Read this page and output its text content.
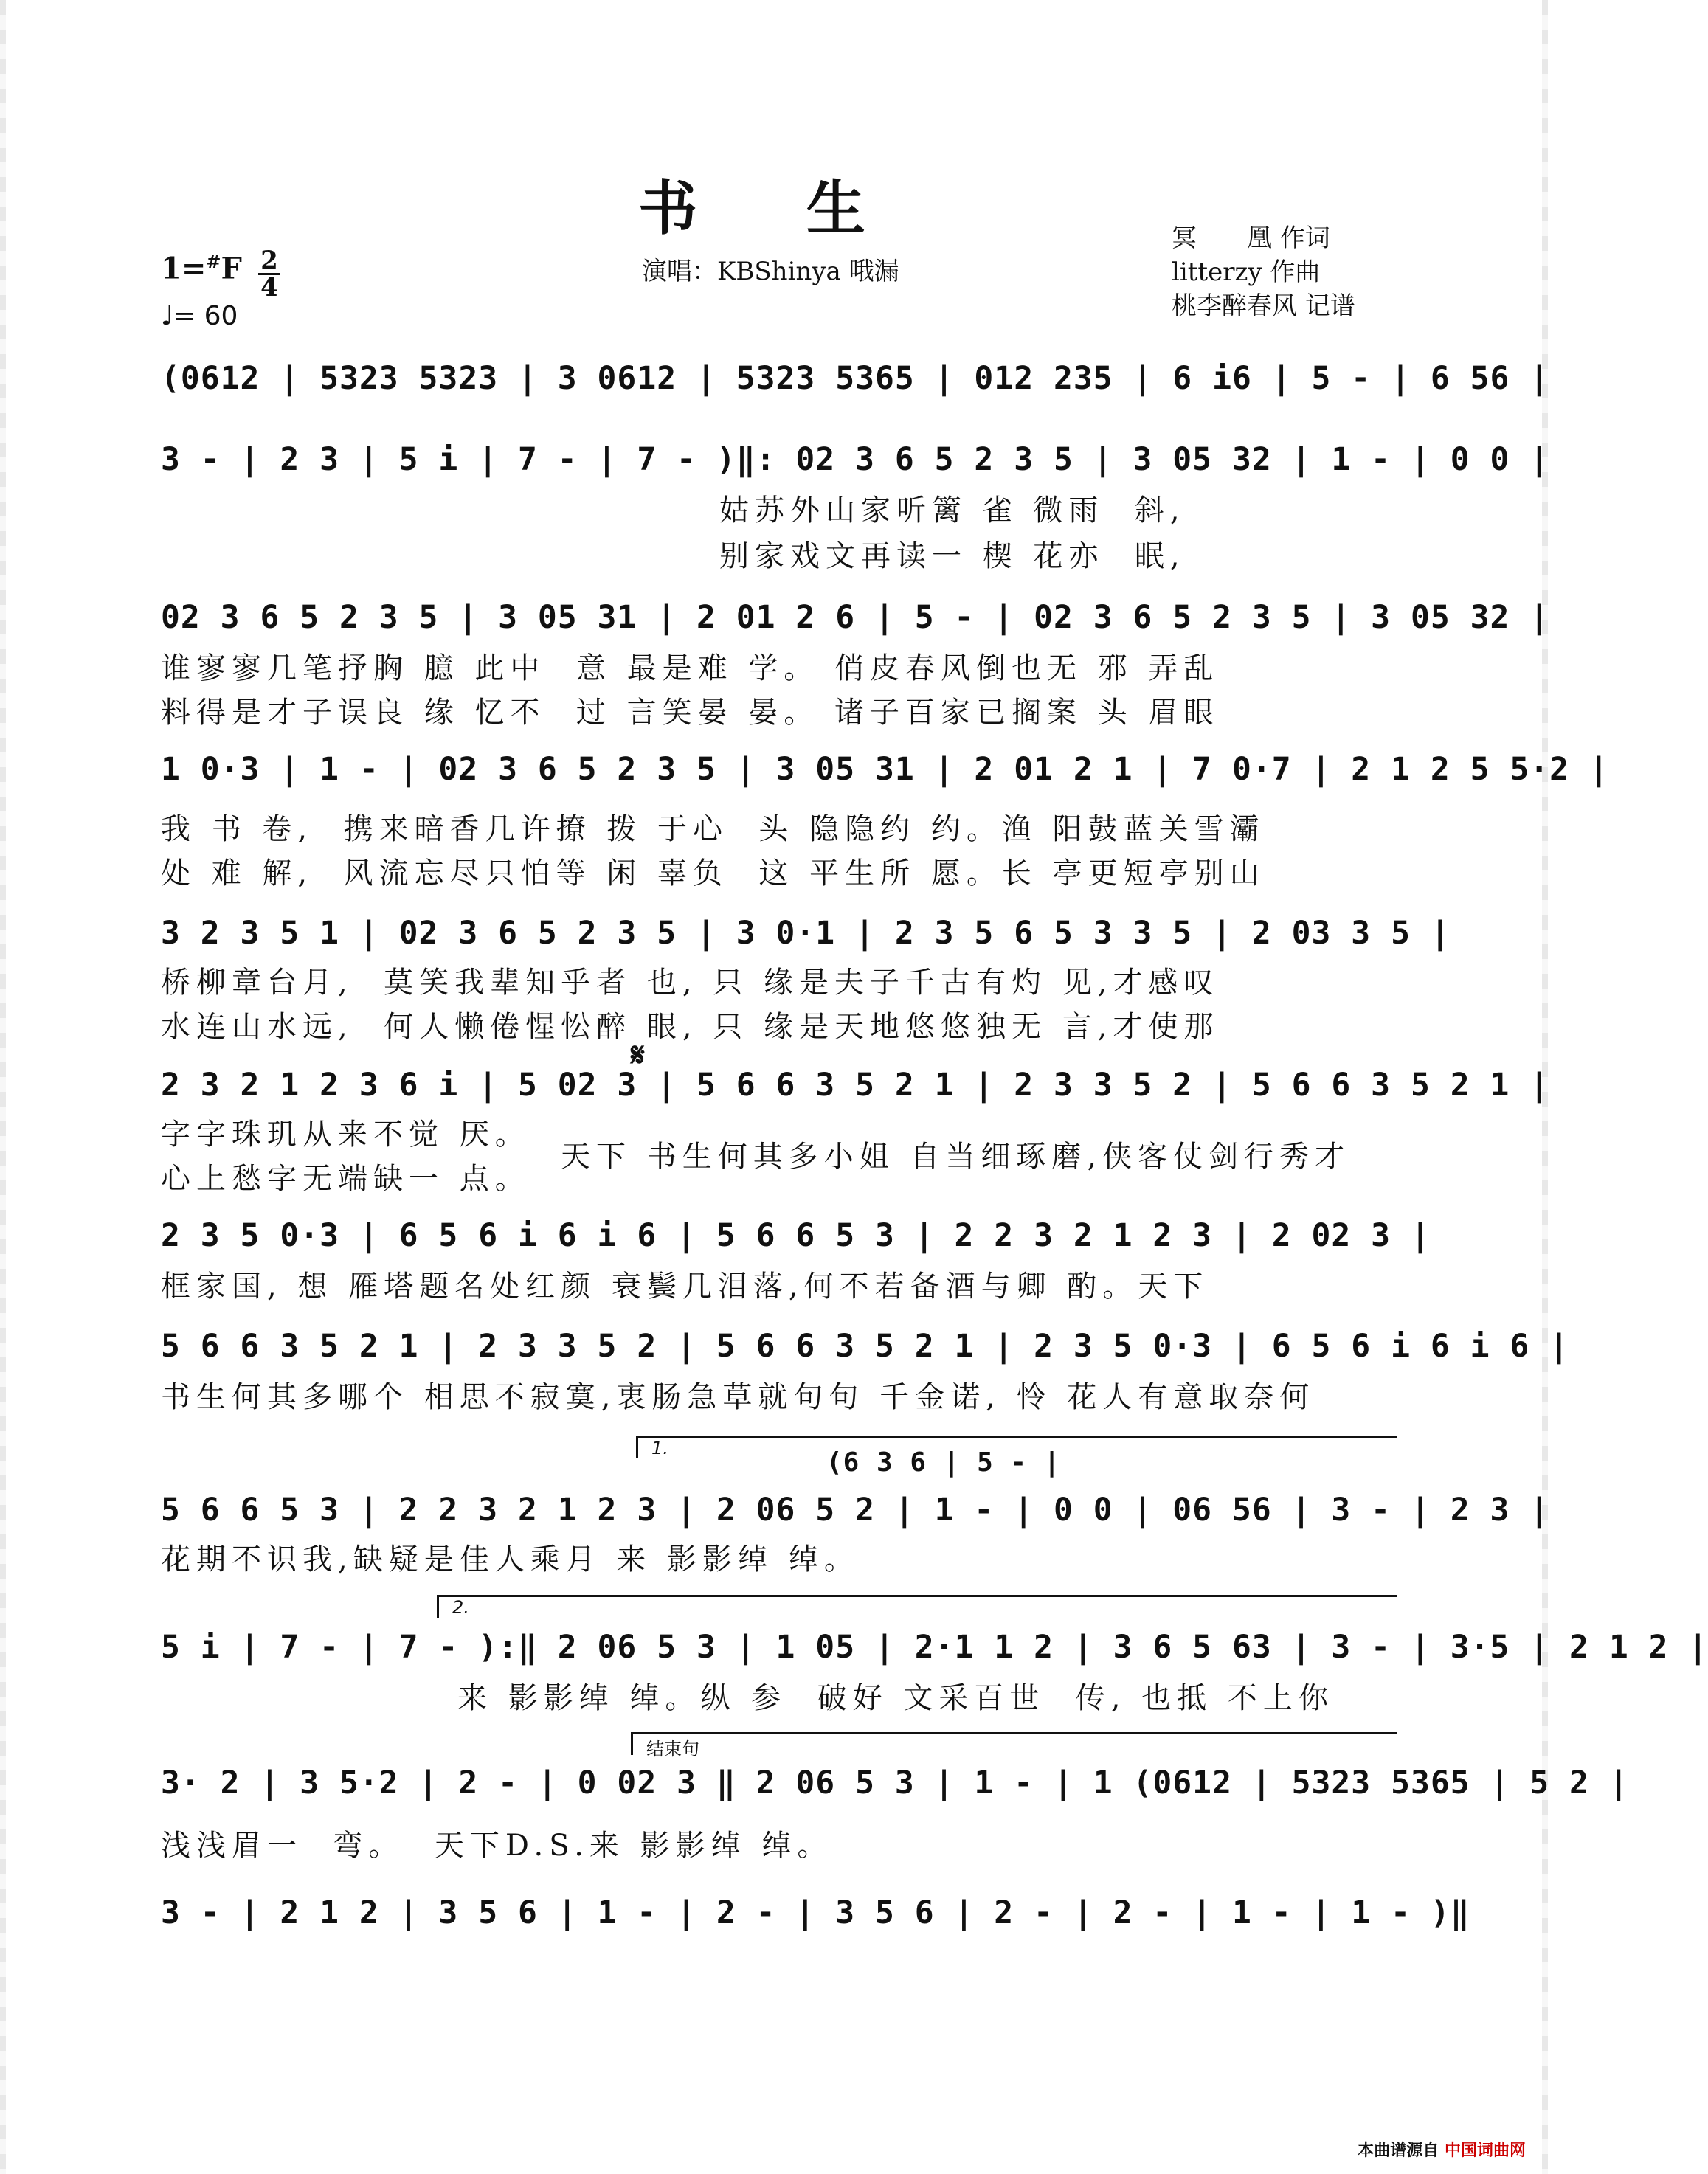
书 生
演唱：KBShinya 哦漏
冥　　凰 作词
litterzy 作曲
桃李醉春风 记谱
1=#F 2
4
♩= 60
(0612 | 5323 5323 | 3 0612 | 5323 5365 | 012 235 | 6 i6 | 5 - | 6 56 |
3 - | 2 3 | 5 i | 7 - | 7 - )‖: 02 3 6 5 2 3 5 | 3 05 32 | 1 - | 0 0 |
姑苏外山家听篱 雀 微雨  斜,
别家戏文再读一 楔 花亦  眠,
02 3 6 5 2 3 5 | 3 05 31 | 2 01 2 6 | 5 - | 02 3 6 5 2 3 5 | 3 05 32 |
谁寥寥几笔抒胸 臆 此中  意 最是难 学。 俏皮春风倒也无 邪 弄乱
料得是才子误良 缘 忆不  过 言笑晏 晏。 诸子百家已搁案 头 眉眼
1 0·3 | 1 - | 02 3 6 5 2 3 5 | 3 05 31 | 2 01 2 1 | 7 0·7 | 2 1 2 5 5·2 |
我 书 卷,  携来暗香几许撩 拨 于心  头 隐隐约 约。渔 阳鼓蓝关雪灞
处 难 解,  风流忘尽只怕等 闲 辜负  这 平生所 愿。长 亭更短亭别山
3 2 3 5 1 | 02 3 6 5 2 3 5 | 3 0·1 | 2 3 5 6 5 3 3 5 | 2 03 3 5 |
桥柳章台月,  莫笑我辈知乎者 也, 只 缘是夫子千古有灼 见,才感叹
水连山水远,  何人懒倦惺忪醉 眼, 只 缘是天地悠悠独无 言,才使那
𝄋
2 3 2 1 2 3 6 i | 5 02 3 | 5 6 6 3 5 2 1 | 2 3 3 5 2 | 5 6 6 3 5 2 1 |
字字珠玑从来不觉 厌。
心上愁字无端缺一 点。
天下 书生何其多小姐 自当细琢磨,侠客仗剑行秀才
2 3 5 0·3 | 6 5 6 i 6 i 6 | 5 6 6 5 3 | 2 2 3 2 1 2 3 | 2 02 3 |
框家国, 想 雁塔题名处红颜 衰鬓几泪落,何不若备酒与卿 酌。天下
5 6 6 3 5 2 1 | 2 3 3 5 2 | 5 6 6 3 5 2 1 | 2 3 5 0·3 | 6 5 6 i 6 i 6 |
书生何其多哪个 相思不寂寞,衷肠急草就句句 千金诺, 怜 花人有意取奈何
1.	(6 3 6 | 5 - |
5 6 6 5 3 | 2 2 3 2 1 2 3 | 2 06 5 2 | 1 - | 0 0 | 06 56 | 3 - | 2 3 |
花期不识我,缺疑是佳人乘月 来 影影绰 绰。
2.
5 i | 7 - | 7 - ):‖ 2 06 5 3 | 1 05 | 2·1 1 2 | 3 6 5 63 | 3 - | 3·5 | 2 1 2 |
来 影影绰 绰。纵 参  破好 文采百世  传, 也抵 不上你
结束句
3· 2 | 3 5·2 | 2 - | 0 02 3 ‖ 2 06 5 3 | 1 - | 1 (0612 | 5323 5365 | 5 2 |
浅浅眉一  弯。  天下D.S.来 影影绰 绰。
3 - | 2 1 2 | 3 5 6 | 1 - | 2 - | 3 5 6 | 2 - | 2 - | 1 - | 1 - )‖
本曲谱源自 中国词曲网
